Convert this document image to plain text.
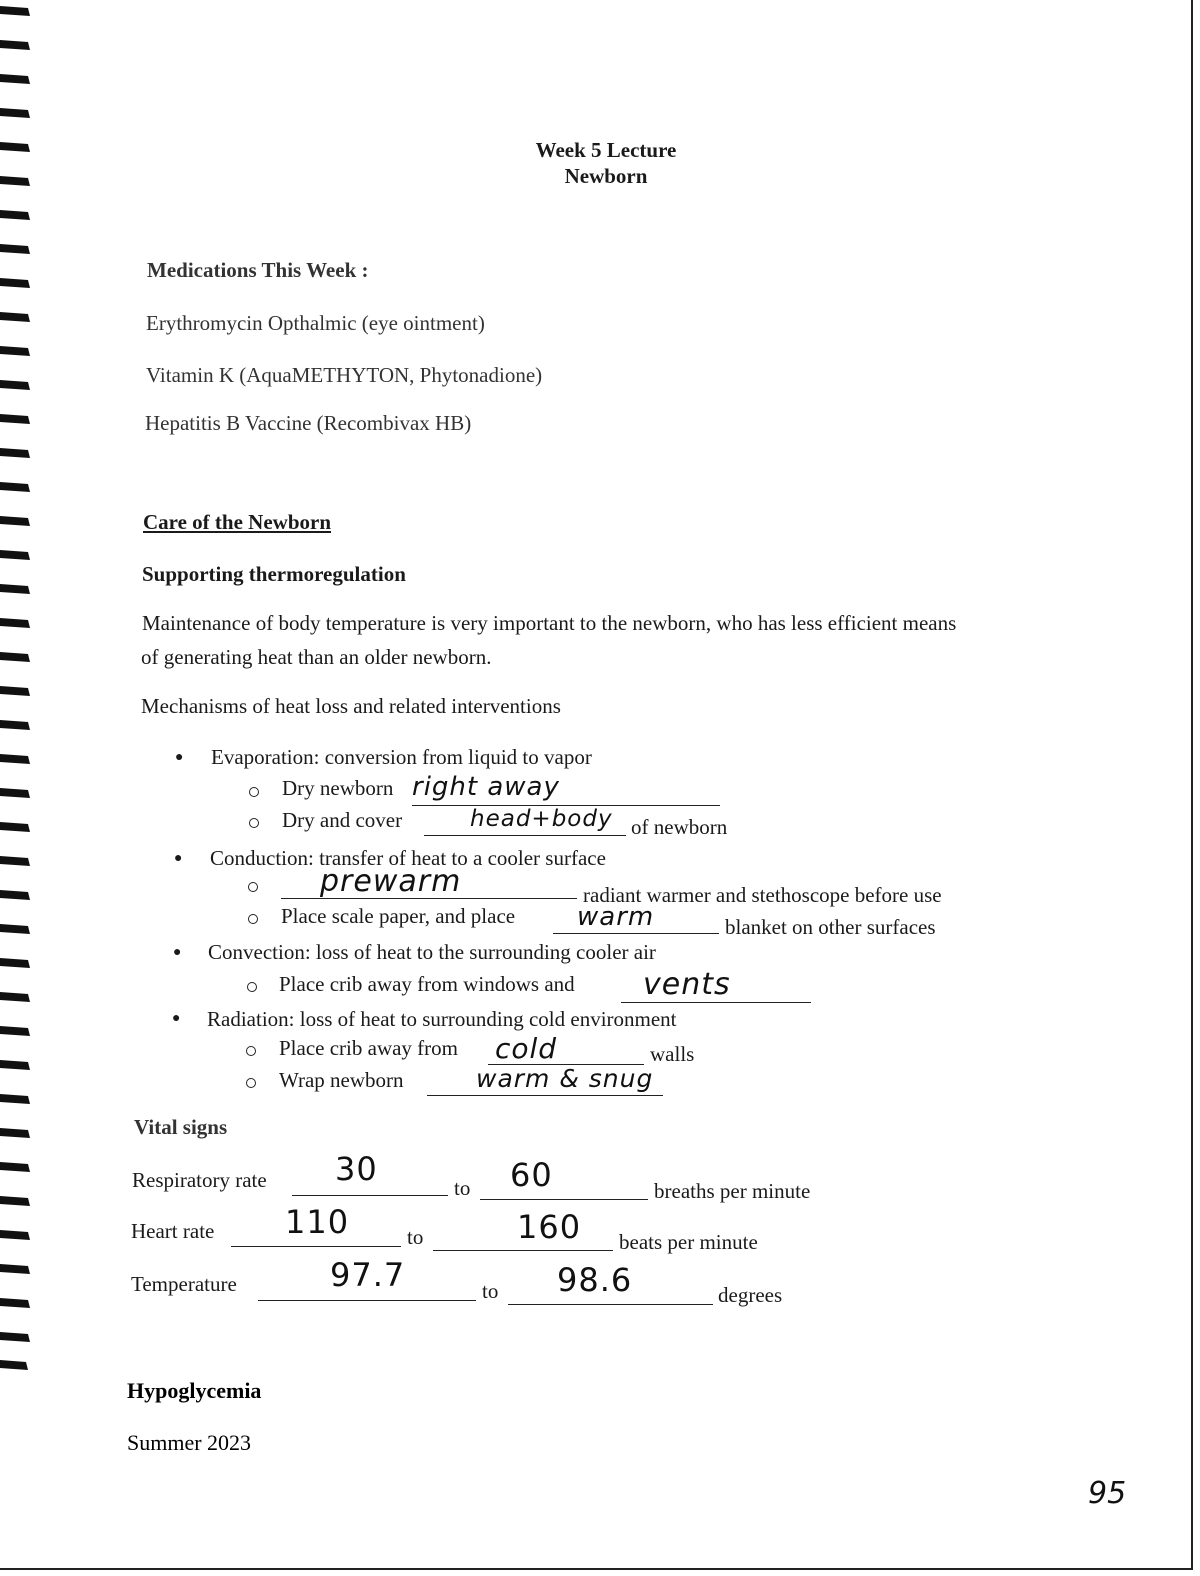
Week 5 Lecture
Newborn
Medications This Week :
Erythromycin Opthalmic (eye ointment)
Vitamin K (AquaMETHYTON, Phytonadione)
Hepatitis B Vaccine (Recombivax HB)
Care of the Newborn
Supporting thermoregulation
Maintenance of body temperature is very important to the newborn, who has less efficient means
of generating heat than an older newborn.
Mechanisms of heat loss and related interventions
● Evaporation: conversion from liquid to vapor
Dry newborn right away
Dry and cover	head+body of newborn
● Conduction: transfer of heat to a cooler surface
prewarm	radiant warmer and stethoscope before use
Place scale paper, and place warm	blanket on other surfaces
● Convection: loss of heat to the surrounding cooler air
Place crib away from windows and vents
● Radiation: loss of heat to surrounding cold environment
Place crib away from cold	walls
Wrap newborn	warm & snug
Vital signs
Respiratory rate 30	to 60	breaths per minute
Heart rate 110	to	160 beats per minute
Temperature	97.7	to 98.6	degrees
Hypoglycemia
Summer 2023
95
